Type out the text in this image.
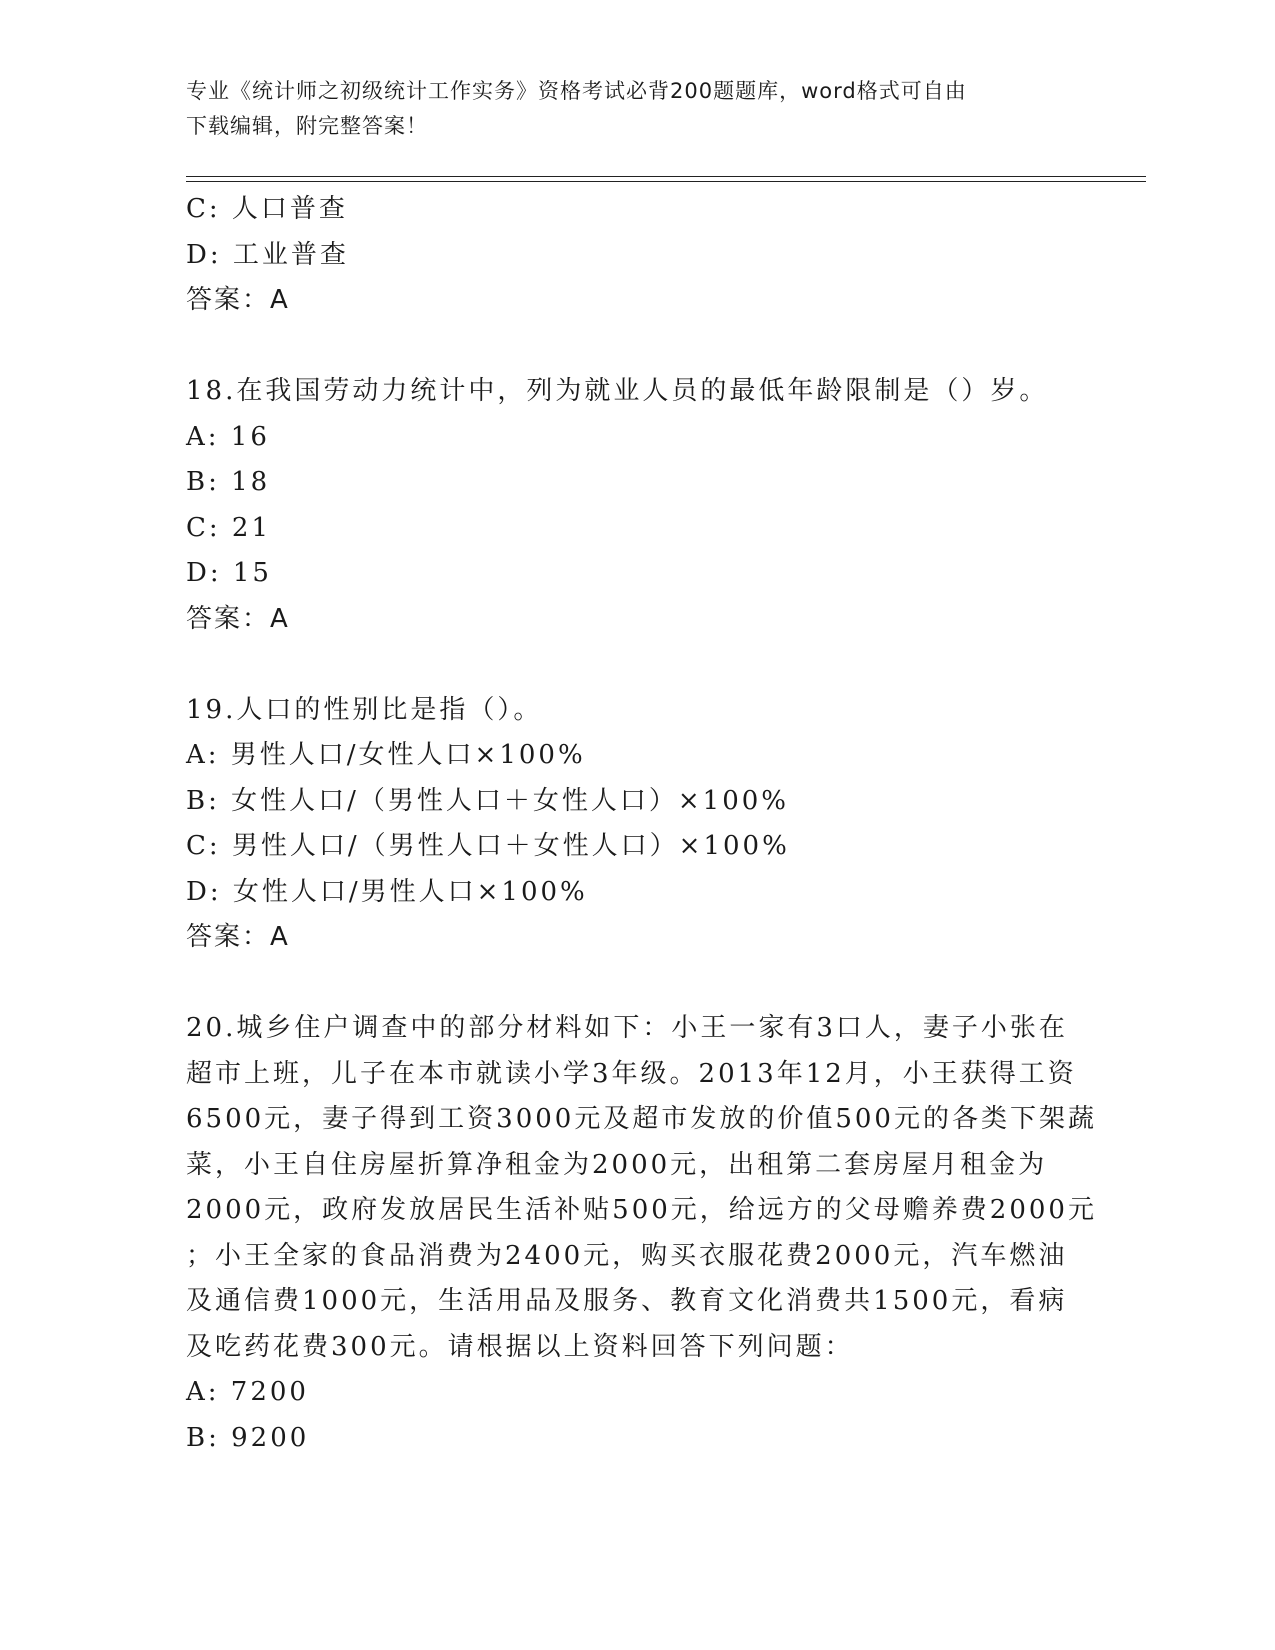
专业《统计师之初级统计工作实务》资格考试必背200题题库，word格式可自由
下载编辑，附完整答案！

C: 人口普查

D: 工业普查

答案：A

18.在我国劳动力统计中，列为就业人员的最低年龄限制是（）岁。

A: 16

B: 18

C: 21

D: 15

答案：A

19.人口的性别比是指（）。

A: 男性人口/女性人口×100%

B: 女性人口/（男性人口＋女性人口）×100%

C: 男性人口/（男性人口＋女性人口）×100%

D: 女性人口/男性人口×100%

答案：A

20.城乡住户调查中的部分材料如下：小王一家有3口人，妻子小张在

超市上班，儿子在本市就读小学3年级。2013年12月，小王获得工资

6500元，妻子得到工资3000元及超市发放的价值500元的各类下架蔬

菜，小王自住房屋折算净租金为2000元，出租第二套房屋月租金为

2000元，政府发放居民生活补贴500元，给远方的父母赡养费2000元

；小王全家的食品消费为2400元，购买衣服花费2000元，汽车燃油

及通信费1000元，生活用品及服务、教育文化消费共1500元，看病

及吃药花费300元。请根据以上资料回答下列问题：

A: 7200

B: 9200
